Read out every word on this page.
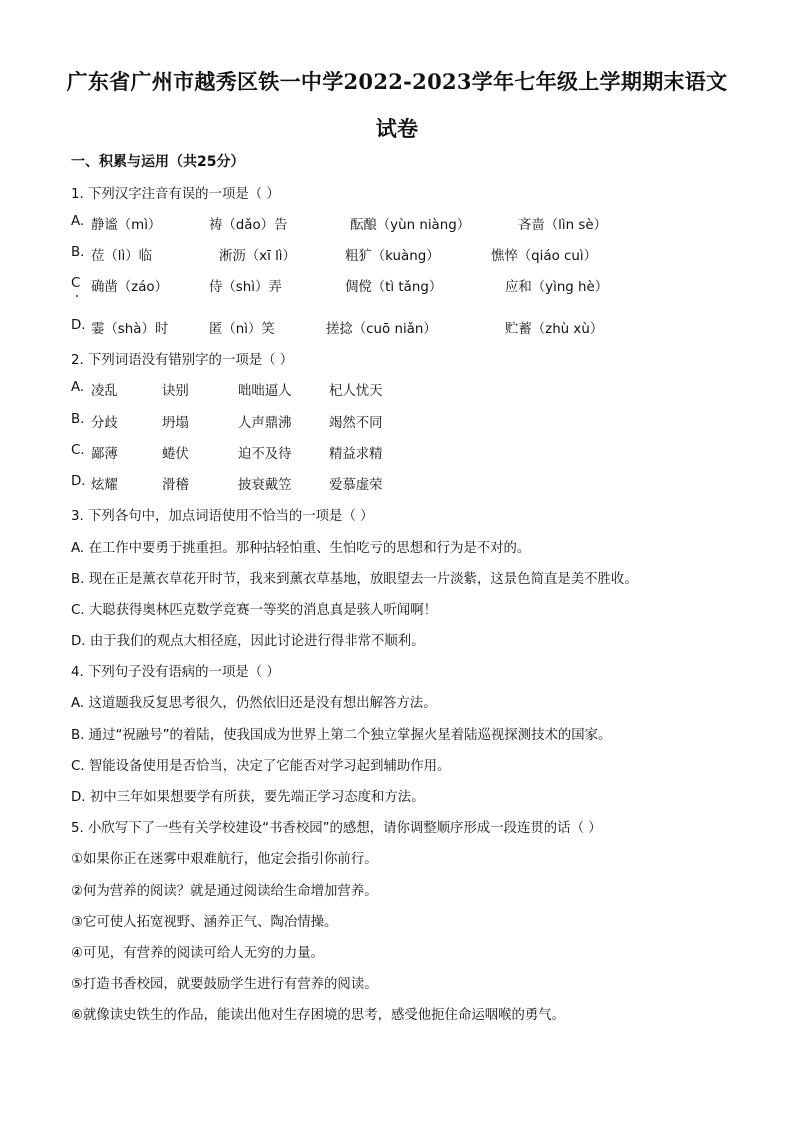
广东省广州市越秀区铁一中学2022-2023学年七年级上学期期末语文
试卷
一、积累与运用（共25分）
1. 下列汉字注音有误的一项是（ ）
A. 静谧（mì）	祷（dǎo）告	酝酿（yùn niàng）	吝啬（lìn sè）
B. 莅（lì）临	淅沥（xī lì）	粗犷（kuàng）	憔悴（qiáo cuì）
C 确凿（záo）	侍（shì）弄	倜傥（tì tǎng）	应和（yìng hè）
D. 霎（shà）时	匿（nì）笑	搓捻（cuō niǎn）	贮蓄（zhù xù）
2. 下列词语没有错别字的一项是（ ）
A. 凌乱	诀别	咄咄逼人	杞人忧天
B. 分歧	坍塌	人声鼎沸	竭然不同
C. 鄙薄	蜷伏	迫不及待	精益求精
D. 炫耀	滑稽	披衰戴笠	爱慕虚荣
3. 下列各句中，加点词语使用不恰当的一项是（ ）
A. 在工作中要勇于挑重担。那种拈轻怕重、生怕吃亏的思想和行为是不对的。
B. 现在正是薰衣草花开时节，我来到薰衣草基地，放眼望去一片淡紫，这景色简直是美不胜收。
C. 大聪获得奥林匹克数学竞赛一等奖的消息真是骇人听闻啊！
D. 由于我们的观点大相径庭，因此讨论进行得非常不顺利。
4. 下列句子没有语病的一项是（ ）
A. 这道题我反复思考很久，仍然依旧还是没有想出解答方法。
B. 通过“祝融号”的着陆，使我国成为世界上第二个独立掌握火星着陆巡视探测技术的国家。
C. 智能设备使用是否恰当，决定了它能否对学习起到辅助作用。
D. 初中三年如果想要学有所获，要先端正学习态度和方法。
5. 小欣写下了一些有关学校建设“书香校园”的感想，请你调整顺序形成一段连贯的话（ ）
①如果你正在迷雾中艰难航行，他定会指引你前行。
②何为营养的阅读？就是通过阅读给生命增加营养。
③它可使人拓宽视野、涵养正气、陶冶情操。
④可见，有营养的阅读可给人无穷的力量。
⑤打造书香校园，就要鼓励学生进行有营养的阅读。
⑥就像读史铁生的作品，能读出他对生存困境的思考，感受他扼住命运咽喉的勇气。
